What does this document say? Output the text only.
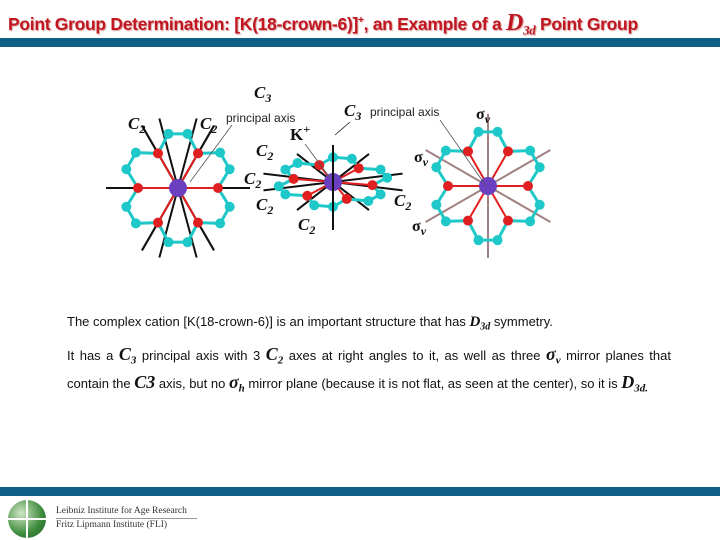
Point Group Determination: [K(18-crown-6)]+, an Example of a $D_{3d}$ Point Group
$C_3$
principal axis
$C_2$	$C_2$
$C_2$
$C_3$ principal axis
K+
$C_2$
$C_2$
$C_2$
$C_2$
$\sigma_v$
$\sigma_v$
$\sigma_v$
The complex cation [K(18-crown-6)] is an important structure that has $D_{3d}$ symmetry.
It has a $C_3$ principal axis with 3 $C_2$ axes at right angles to it, as well as three $\sigma_v$ mirror planes that contain the C3 axis, but no $\sigma_h$ mirror plane (because it is not flat, as seen at the center), so it is $D_{3d.}$
Leibniz Institute for Age Research
Fritz Lipmann Institute (FLI)
